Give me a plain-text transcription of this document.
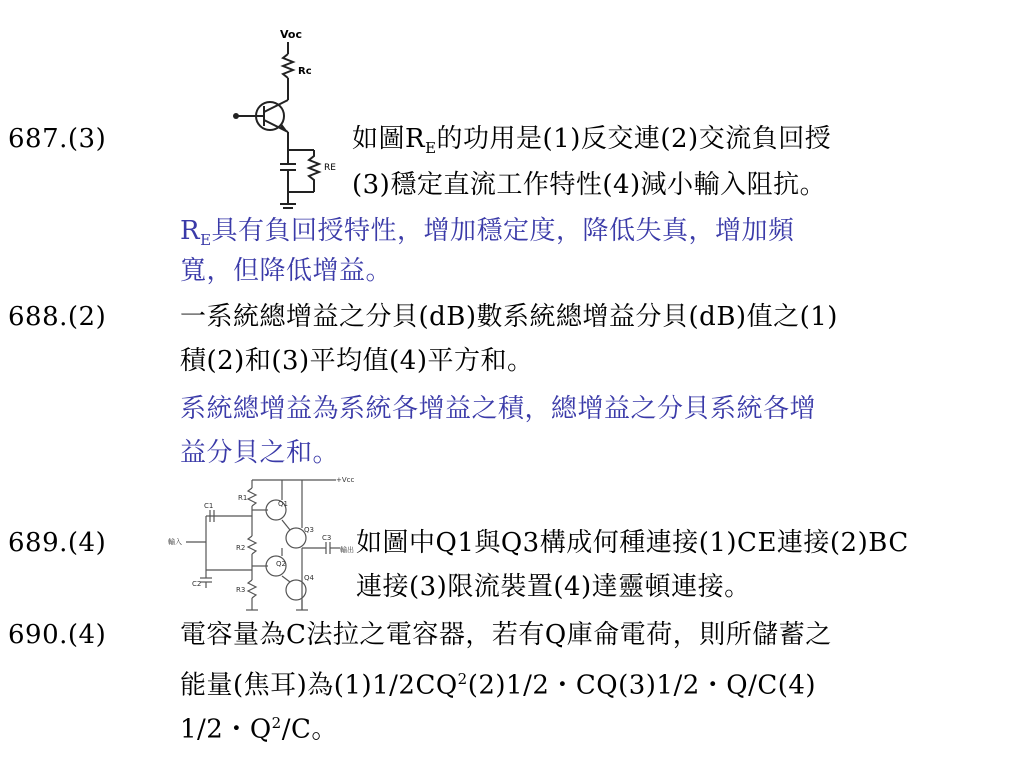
687.(3)
Voc
Rc
RE
如圖$R_E$的功用是(1)反交連(2)交流負回授
(3)穩定直流工作特性(4)減小輸入阻抗。
$R_E$具有負回授特性，增加穩定度，降低失真，增加頻
寬，但降低增益。
688.(2)	一系統總增益之分貝(dB)數系統總增益分貝(dB)值之(1)
積(2)和(3)平均值(4)平方和。
系統總增益為系統各增益之積，總增益之分貝系統各增
益分貝之和。
689.(4)
+Vcc
R1
C1
R2
C2
R3
Q1
Q3
Q2
Q4
C3
輸入
輸出 如圖中Q1與Q3構成何種連接(1)CE連接(2)BC
連接(3)限流裝置(4)達靈頓連接。
690.(4)	電容量為C法拉之電容器，若有Q庫侖電荷，則所儲蓄之
能量(焦耳)為$(1)1/2CQ^2(2)1/2$・CQ(3)1/2・Q/C(4)
1/2・$Q^2/C$。
